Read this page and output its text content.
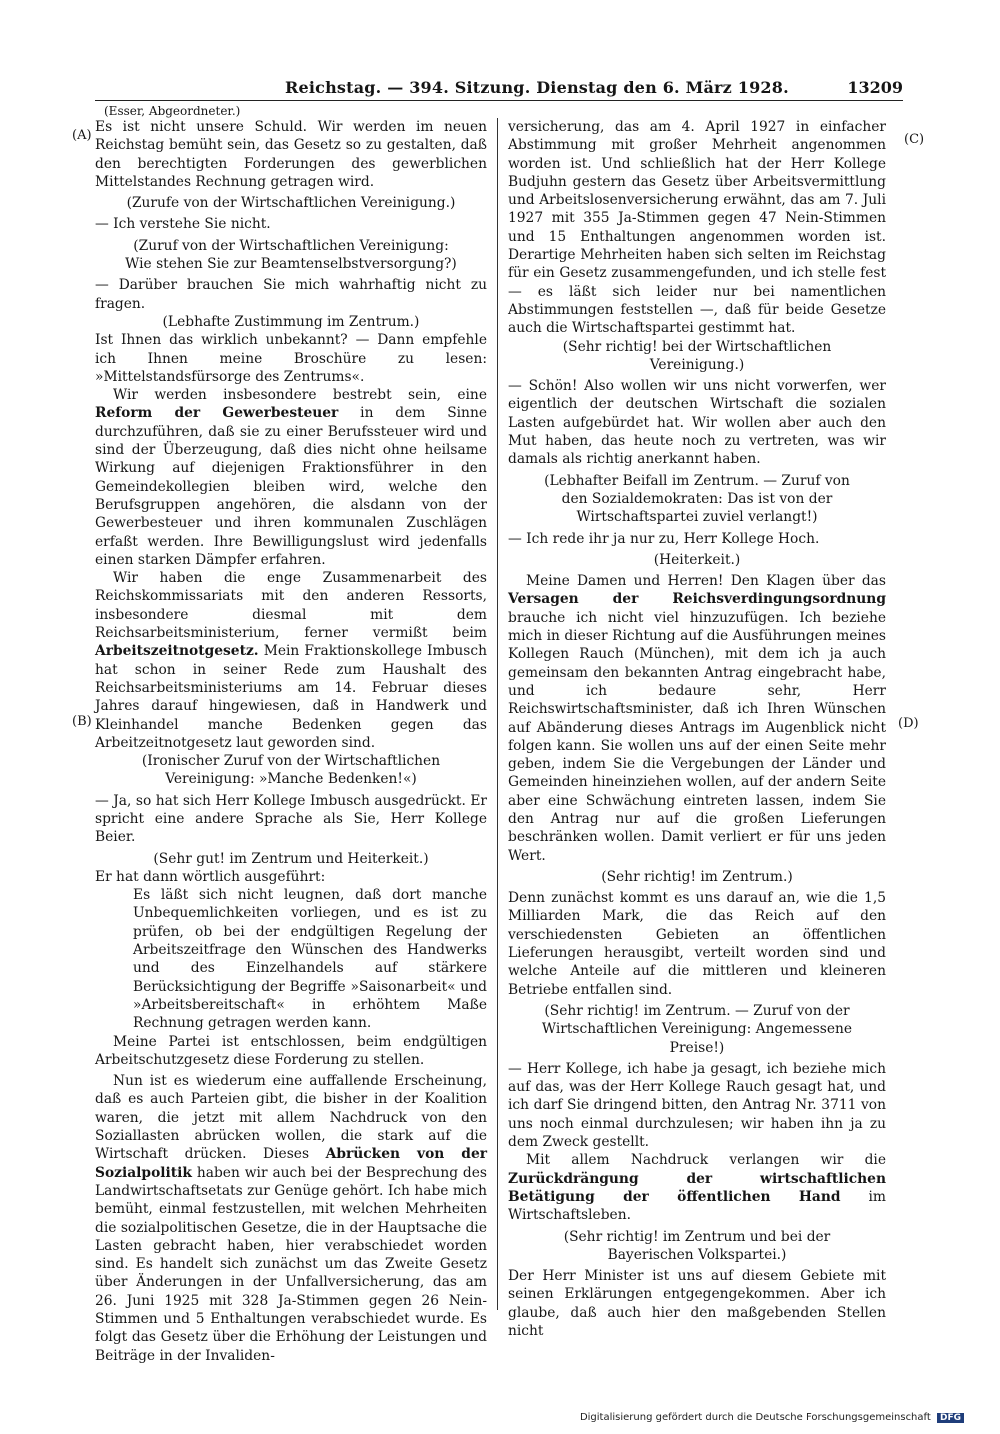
Reichstag. — 394. Sitzung. Dienstag den 6. März 1928.	13209
(Esser, Abgeordneter.)
(A)
(B)
(C)
(D)

Es ist nicht unsere Schuld. Wir werden im neuen Reichstag bemüht sein, das Gesetz so zu gestalten, daß den berechtigten Forderungen des gewerblichen Mittelstandes Rechnung getragen wird.

(Zurufe von der Wirtschaftlichen Vereinigung.)

— Ich verstehe Sie nicht.

(Zuruf von der Wirtschaftlichen Vereinigung: Wie stehen Sie zur Beamtenselbstversorgung?)

— Darüber brauchen Sie mich wahrhaftig nicht zu fragen.

(Lebhafte Zustimmung im Zentrum.)

Ist Ihnen das wirklich unbekannt? — Dann empfehle ich Ihnen meine Broschüre zu lesen: »Mittelstandsfürsorge des Zentrums«.

Wir werden insbesondere bestrebt sein, eine Reform der Gewerbesteuer in dem Sinne durchzuführen, daß sie zu einer Berufssteuer wird und sind der Überzeugung, daß dies nicht ohne heilsame Wirkung auf diejenigen Fraktionsführer in den Gemeindekollegien bleiben wird, welche den Berufsgruppen angehören, die alsdann von der Gewerbesteuer und ihren kommunalen Zuschlägen erfaßt werden. Ihre Bewilligungslust wird jedenfalls einen starken Dämpfer erfahren.

Wir haben die enge Zusammenarbeit des Reichskommissariats mit den anderen Ressorts, insbesondere diesmal mit dem Reichsarbeitsministerium, ferner vermißt beim Arbeitszeitnotgesetz. Mein Fraktionskollege Imbusch hat schon in seiner Rede zum Haushalt des Reichsarbeitsministeriums am 14. Februar dieses Jahres darauf hingewiesen, daß in Handwerk und Kleinhandel manche Bedenken gegen das Arbeitzeitnotgesetz laut geworden sind.

(Ironischer Zuruf von der Wirtschaftlichen Vereinigung: »Manche Bedenken!«)

— Ja, so hat sich Herr Kollege Imbusch ausgedrückt. Er spricht eine andere Sprache als Sie, Herr Kollege Beier.

(Sehr gut! im Zentrum und Heiterkeit.)

Er hat dann wörtlich ausgeführt:

Es läßt sich nicht leugnen, daß dort manche Unbequemlichkeiten vorliegen, und es ist zu prüfen, ob bei der endgültigen Regelung der Arbeitszeitfrage den Wünschen des Handwerks und des Einzelhandels auf stärkere Berücksichtigung der Begriffe »Saisonarbeit« und »Arbeitsbereitschaft« in erhöhtem Maße Rechnung getragen werden kann.

Meine Partei ist entschlossen, beim endgültigen Arbeitschutzgesetz diese Forderung zu stellen.

Nun ist es wiederum eine auffallende Erscheinung, daß es auch Parteien gibt, die bisher in der Koalition waren, die jetzt mit allem Nachdruck von den Soziallasten abrücken wollen, die stark auf die Wirtschaft drücken. Dieses Abrücken von der Sozialpolitik haben wir auch bei der Besprechung des Landwirtschaftsetats zur Genüge gehört. Ich habe mich bemüht, einmal festzustellen, mit welchen Mehrheiten die sozialpolitischen Gesetze, die in der Hauptsache die Lasten gebracht haben, hier verabschiedet worden sind. Es handelt sich zunächst um das Zweite Gesetz über Änderungen in der Unfallversicherung, das am 26. Juni 1925 mit 328 Ja-Stimmen gegen 26 Nein-Stimmen und 5 Enthaltungen verabschiedet wurde. Es folgt das Gesetz über die Erhöhung der Leistungen und Beiträge in der Invaliden-

versicherung, das am 4. April 1927 in einfacher Abstimmung mit großer Mehrheit angenommen worden ist. Und schließlich hat der Herr Kollege Budjuhn gestern das Gesetz über Arbeitsvermittlung und Arbeitslosenversicherung erwähnt, das am 7. Juli 1927 mit 355 Ja-Stimmen gegen 47 Nein-Stimmen und 15 Enthaltungen angenommen worden ist. Derartige Mehrheiten haben sich selten im Reichstag für ein Gesetz zusammengefunden, und ich stelle fest — es läßt sich leider nur bei namentlichen Abstimmungen feststellen —, daß für beide Gesetze auch die Wirtschaftspartei gestimmt hat.

(Sehr richtig! bei der Wirtschaftlichen Vereinigung.)

— Schön! Also wollen wir uns nicht vorwerfen, wer eigentlich der deutschen Wirtschaft die sozialen Lasten aufgebürdet hat. Wir wollen aber auch den Mut haben, das heute noch zu vertreten, was wir damals als richtig anerkannt haben.

(Lebhafter Beifall im Zentrum. — Zuruf von den Sozialdemokraten: Das ist von der Wirtschaftspartei zuviel verlangt!)

— Ich rede ihr ja nur zu, Herr Kollege Hoch.

(Heiterkeit.)

Meine Damen und Herren! Den Klagen über das Versagen der Reichsverdingungsordnung brauche ich nicht viel hinzuzufügen. Ich beziehe mich in dieser Richtung auf die Ausführungen meines Kollegen Rauch (München), mit dem ich ja auch gemeinsam den bekannten Antrag eingebracht habe, und ich bedaure sehr, Herr Reichswirtschaftsminister, daß ich Ihren Wünschen auf Abänderung dieses Antrags im Augenblick nicht folgen kann. Sie wollen uns auf der einen Seite mehr geben, indem Sie die Vergebungen der Länder und Gemeinden hineinziehen wollen, auf der andern Seite aber eine Schwächung eintreten lassen, indem Sie den Antrag nur auf die großen Lieferungen beschränken wollen. Damit verliert er für uns jeden Wert.

(Sehr richtig! im Zentrum.)

Denn zunächst kommt es uns darauf an, wie die 1,5 Milliarden Mark, die das Reich auf den verschiedensten Gebieten an öffentlichen Lieferungen herausgibt, verteilt worden sind und welche Anteile auf die mittleren und kleineren Betriebe entfallen sind.

(Sehr richtig! im Zentrum. — Zuruf von der Wirtschaftlichen Vereinigung: Angemessene Preise!)

— Herr Kollege, ich habe ja gesagt, ich beziehe mich auf das, was der Herr Kollege Rauch gesagt hat, und ich darf Sie dringend bitten, den Antrag Nr. 3711 von uns noch einmal durchzulesen; wir haben ihn ja zu dem Zweck gestellt.

Mit allem Nachdruck verlangen wir die Zurückdrängung der wirtschaftlichen Betätigung der öffentlichen Hand im Wirtschaftsleben.

(Sehr richtig! im Zentrum und bei der Bayerischen Volkspartei.)

Der Herr Minister ist uns auf diesem Gebiete mit seinen Erklärungen entgegengekommen. Aber ich glaube, daß auch hier den maßgebenden Stellen nicht

Digitalisierung gefördert durch die Deutsche Forschungsgemeinschaft DFG
